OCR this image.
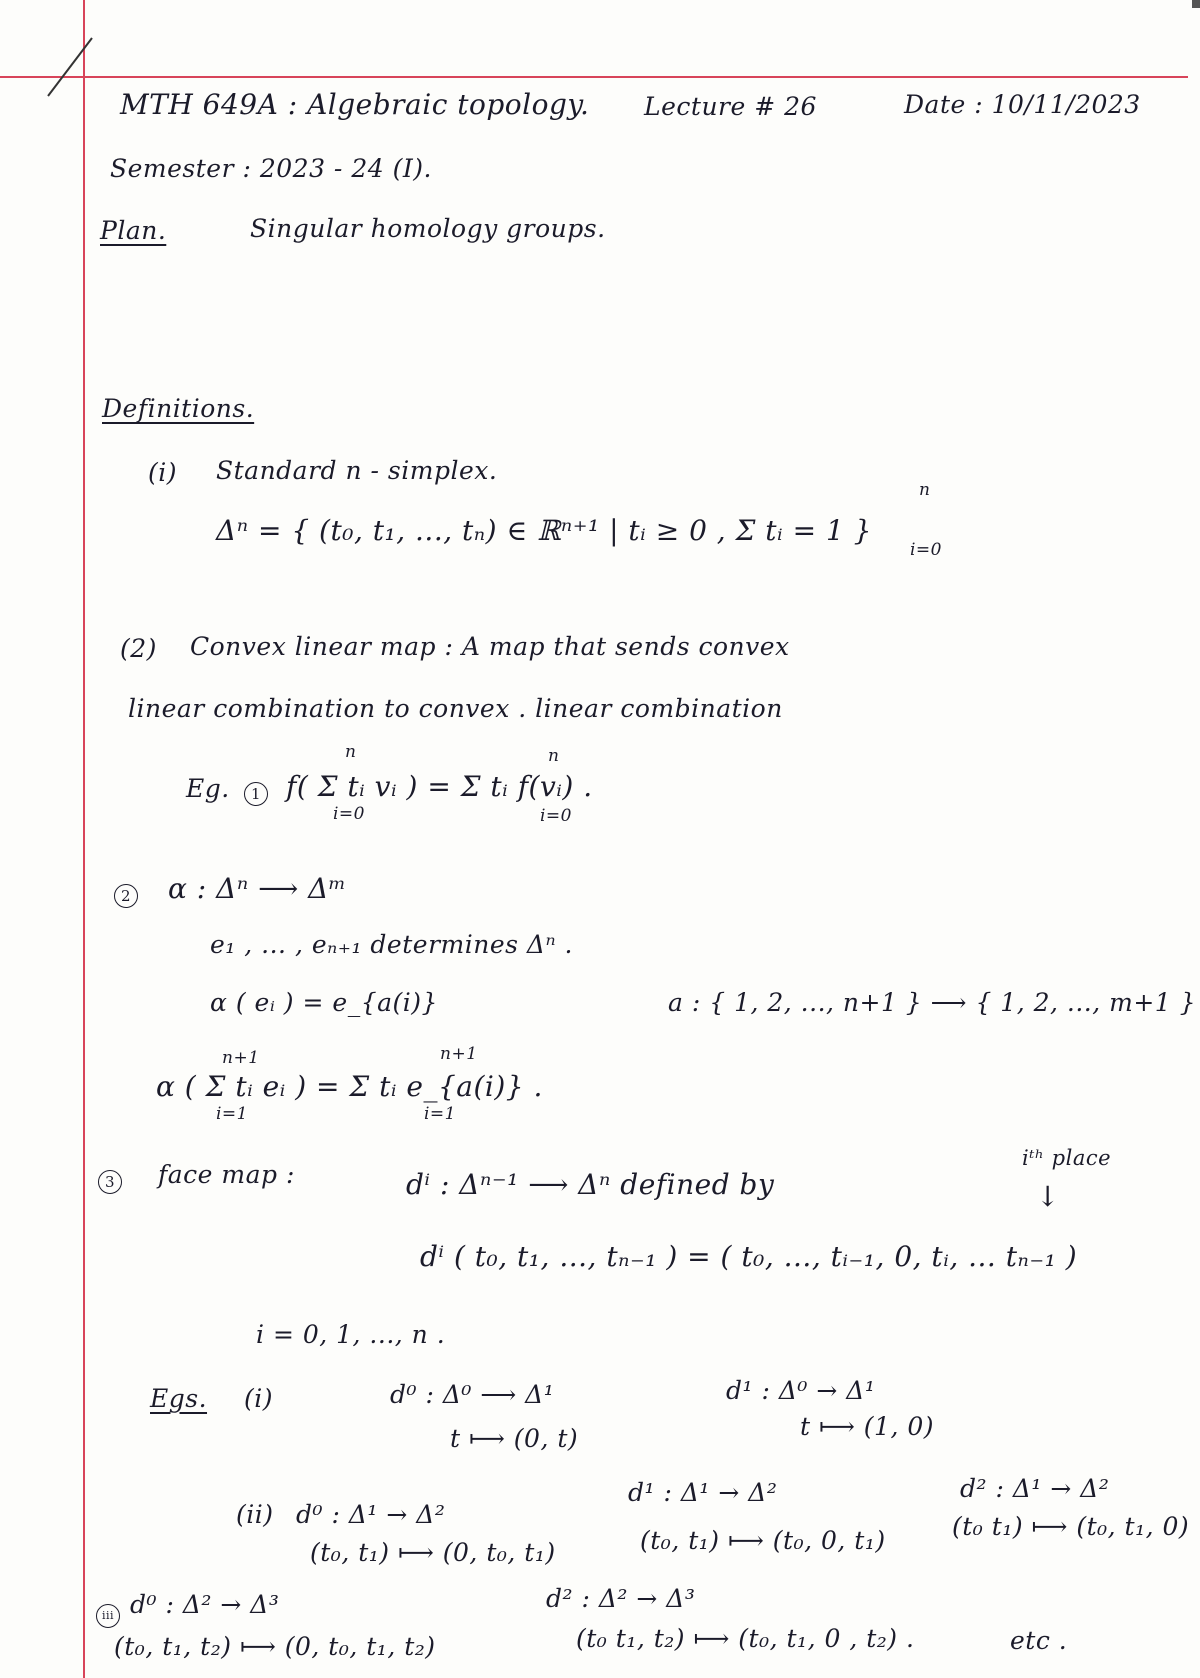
MTH 649A : Algebraic topology. Lecture # 26	Date : 10/11/2023
Semester : 2023 - 24 (I).
Plan.	Singular homology groups.
Definitions.
(i) Standard n - simplex.
n
Δⁿ = { (t₀, t₁, ..., tₙ) ∈ ℝⁿ⁺¹ | tᵢ ≥ 0 , Σ tᵢ = 1 }
i=0
(2) Convex linear map : A map that sends convex
linear combination to convex . linear combination
n	n
Eg.	1 f( Σ tᵢ vᵢ ) = Σ tᵢ f(vᵢ) .
i=0	i=0
2 α : Δⁿ ⟶ Δᵐ
e₁ , ... , eₙ₊₁ determines Δⁿ .
α ( eᵢ ) = e_{a(i)}	a : { 1, 2, ..., n+1 } ⟶ { 1, 2, ..., m+1 }
n+1	n+1
α ( Σ tᵢ eᵢ ) = Σ tᵢ e_{a(i)} .
i=1	i=1
3 face map :	dⁱ : Δⁿ⁻¹ ⟶ Δⁿ defined by
iᵗʰ place
↓
dⁱ ( t₀, t₁, ..., tₙ₋₁ ) = ( t₀, ..., tᵢ₋₁, 0, tᵢ, ... tₙ₋₁ )
i = 0, 1, ..., n .
Egs. (i)	d⁰ : Δ⁰ ⟶ Δ¹
t ⟼ (0, t)
d¹ : Δ⁰ → Δ¹
t ⟼ (1, 0)
(ii) d⁰ : Δ¹ → Δ²
(t₀, t₁) ⟼ (0, t₀, t₁)
d¹ : Δ¹ → Δ²
(t₀, t₁) ⟼ (t₀, 0, t₁)
d² : Δ¹ → Δ²
(t₀ t₁) ⟼ (t₀, t₁, 0)
iii d⁰ : Δ² → Δ³
(t₀, t₁, t₂) ⟼ (0, t₀, t₁, t₂)
d² : Δ² → Δ³
(t₀ t₁, t₂) ⟼ (t₀, t₁, 0 , t₂) .	etc .
